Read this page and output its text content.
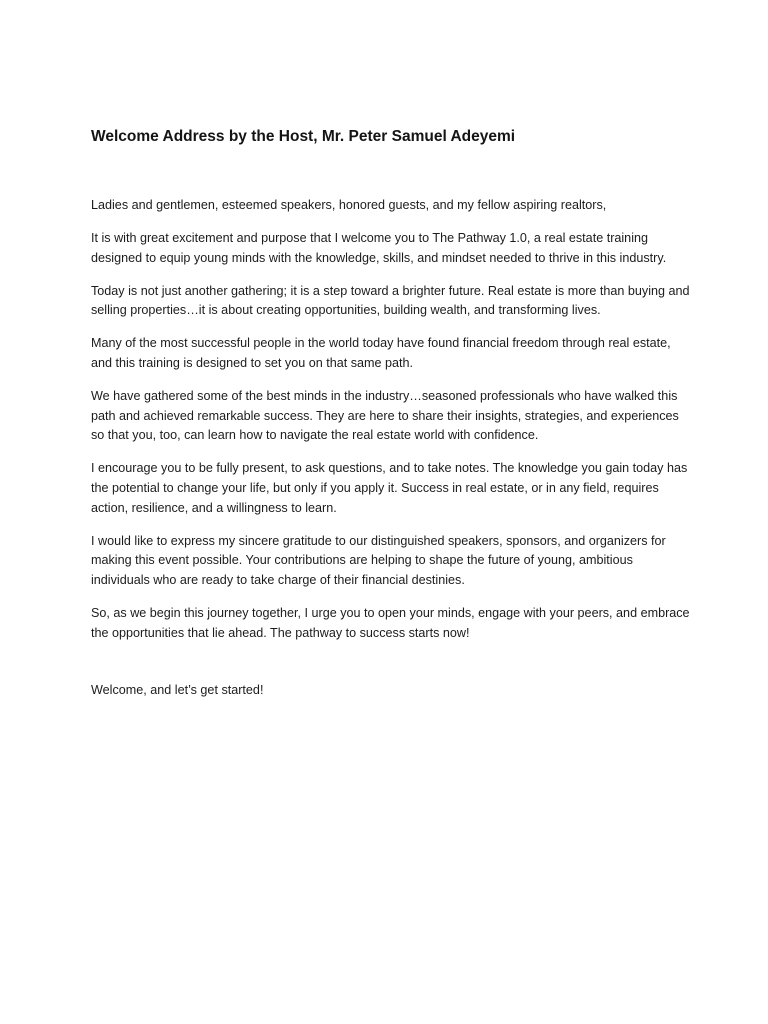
Welcome Address by the Host, Mr. Peter Samuel Adeyemi

Ladies and gentlemen, esteemed speakers, honored guests, and my fellow aspiring realtors,

It is with great excitement and purpose that I welcome you to The Pathway 1.0, a real estate training designed to equip young minds with the knowledge, skills, and mindset needed to thrive in this industry.

Today is not just another gathering; it is a step toward a brighter future. Real estate is more than buying and selling properties…it is about creating opportunities, building wealth, and transforming lives.

Many of the most successful people in the world today have found financial freedom through real estate, and this training is designed to set you on that same path.

We have gathered some of the best minds in the industry…seasoned professionals who have walked this path and achieved remarkable success. They are here to share their insights, strategies, and experiences so that you, too, can learn how to navigate the real estate world with confidence.

I encourage you to be fully present, to ask questions, and to take notes. The knowledge you gain today has the potential to change your life, but only if you apply it. Success in real estate, or in any field, requires action, resilience, and a willingness to learn.

I would like to express my sincere gratitude to our distinguished speakers, sponsors, and organizers for making this event possible. Your contributions are helping to shape the future of young, ambitious individuals who are ready to take charge of their financial destinies.

So, as we begin this journey together, I urge you to open your minds, engage with your peers, and embrace the opportunities that lie ahead. The pathway to success starts now!

Welcome, and let’s get started!
